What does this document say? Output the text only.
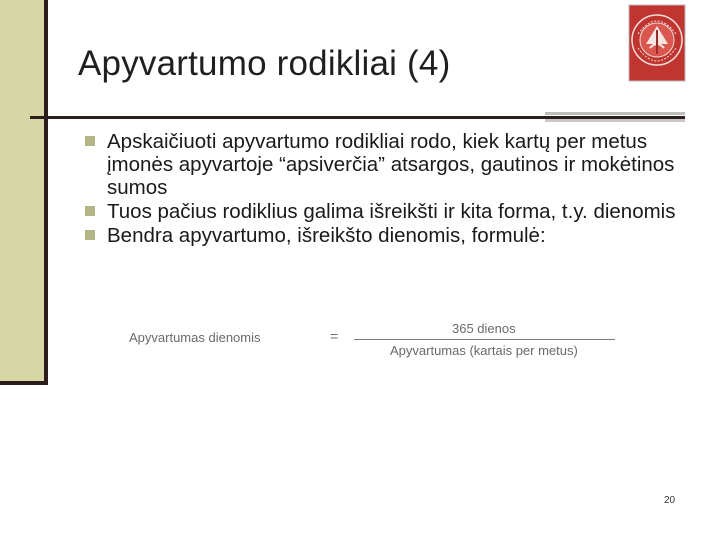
Apyvartumo rodikliai (4)
Apskaičiuoti apyvartumo rodikliai rodo, kiek kartų per metus įmonės apyvartoje “apsiverčia” atsargos, gautinos ir mokėtinos sumos
Tuos pačius rodiklius galima išreikšti ir kita forma, t.y. dienomis
Bendra apyvartumo, išreikšto dienomis, formulė:
Apyvartumas dienomis	=	365 dienos
Apyvartumas (kartais per metus)
20
